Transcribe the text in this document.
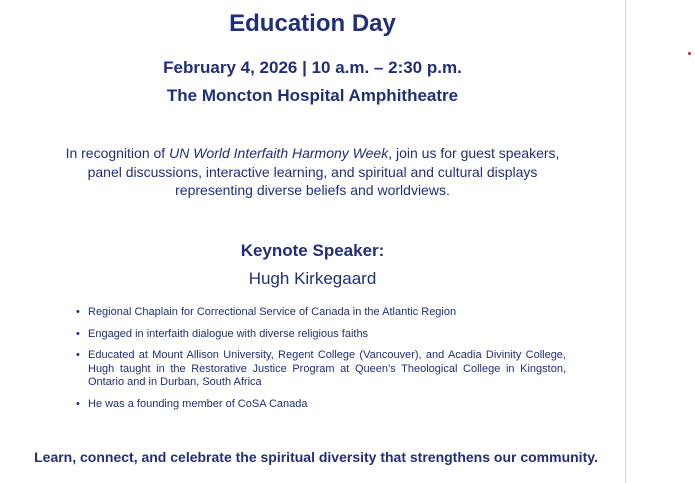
Education Day
February 4, 2026 | 10 a.m. – 2:30 p.m.
The Moncton Hospital Amphitheatre
In recognition of UN World Interfaith Harmony Week, join us for guest speakers, panel discussions, interactive learning, and spiritual and cultural displays representing diverse beliefs and worldviews.
Keynote Speaker:
Hugh Kirkegaard
• Regional Chaplain for Correctional Service of Canada in the Atlantic Region
• Engaged in interfaith dialogue with diverse religious faiths
• Educated at Mount Allison University, Regent College (Vancouver), and Acadia Divinity College, Hugh taught in the Restorative Justice Program at Queen’s Theological College in Kingston, Ontario and in Durban, South Africa
• He was a founding member of CoSA Canada
Learn, connect, and celebrate the spiritual diversity that strengthens our community.
